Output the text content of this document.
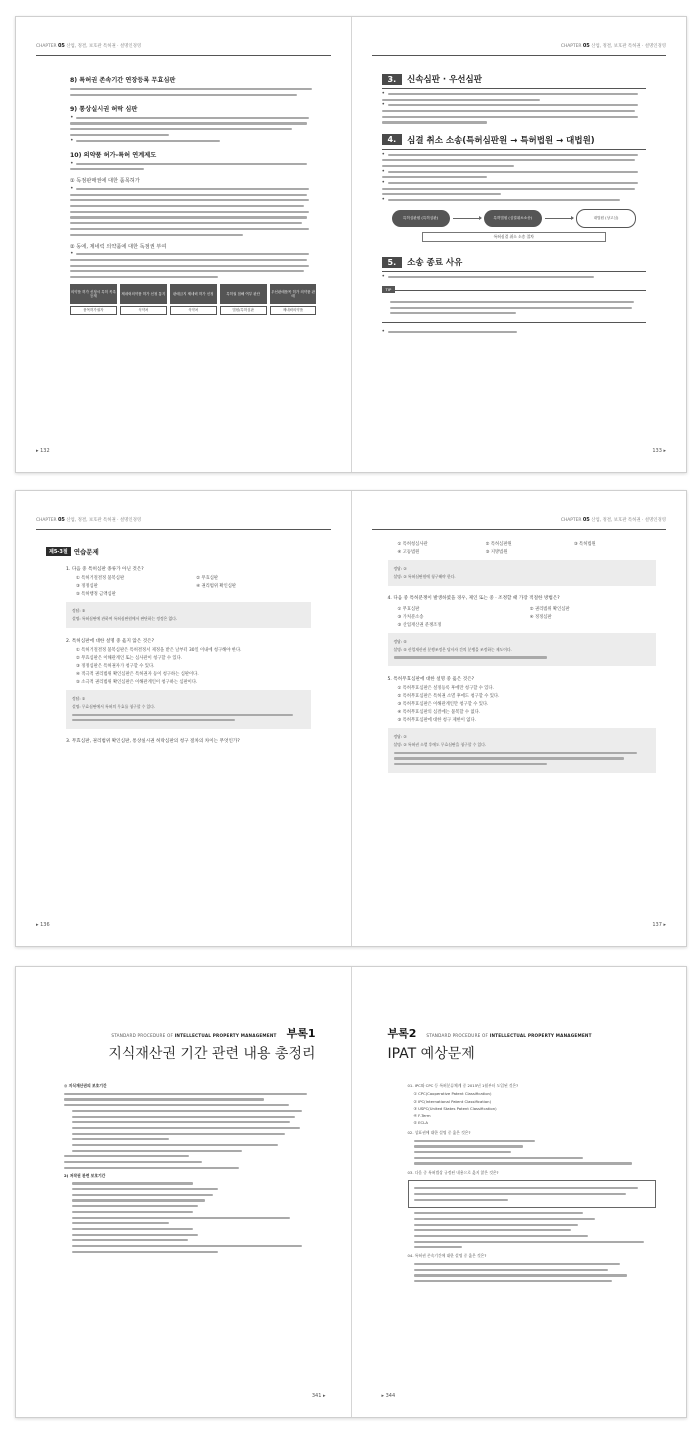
CHAPTER 05 산업, 정결, 보호관 특허권 · 설명인경영
8) 특허권 존속기간 연장등록 무효심판
9) 통상실시권 허락 심판
•
•
10) 의약품 허가-특허 연계제도
•
① 독점판매권에 대한 품목허가
•
② 동에, 제네릭 의약품에 대한 독점권 부여
•
의약품 허가 신청시 특허 목록 등재
품목허가권자
제네릭의약품 허가 신청 통지
식약처
판매금지 제네릭 허가 신청
식약처
특허권 침해 여부 판단
법원/특허심판
우선판매품목 허가 의약품 판매
제네릭의약품
▸ 132
CHAPTER 05 산업, 정결, 보호관 특허권 · 설명인경영
3.	신속심판 · 우선심판
•
•
4.	심결 취소 소송(특허심판원 → 특허법원 → 대법원)
•
•
•
•
특허심판원 (특허심판)	특허법원 (심결취소소송)	대법원 (상고심)
특허심결 취소 소송 절차
5.	소송 종료 사유
•
TIP
•
133 ▸
CHAPTER 05 산업, 정결, 보호관 특허권 · 설명인경영
제5-3절 연습문제
1. 다음 중 특허심판 종류가 아닌 것은?
① 특허거절결정 불복심판	② 무효심판
③ 정정심판	④ 권리범위 확인심판
⑤ 특허행정 금액심판
정답: ⑤
설명: 특허심판에 관하여 특허심판원에서 판단하는 정정은 없다.
2. 특허심판에 대한 설명 중 옳지 않은 것은?
① 특허거절결정 불복심판은 특허결정서 제정을 받은 날부터 30일 이내에 청구해야 한다.
② 무효심판은 이해관계인 또는 심사관이 청구할 수 있다.
③ 정정심판은 특허권자가 청구할 수 있다.
④ 적극적 권리범위 확인심판은 특허권자 등이 청구하는 심판이다.
⑤ 소극적 권리범위 확인심판은 이해관계인이 청구하는 심판이다.
정답: ②
설명: 무효심판에서 특허의 무효를 청구할 수 있다.
3. 무효심판, 권리범위 확인심판, 통상실시권 허락심판의 청구 절차의 차이는 무엇인가?
▸ 136
CHAPTER 05 산업, 정결, 보호관 특허권 · 설명인경영
① 특허청심사관	② 특허심판원	③ 특허법원
④ 고등법원	⑤ 지방법원
정답: ②
설명: ② 특허심판원에 청구해야 한다.
4. 다음 중 특허분쟁이 발생하였을 경우, 제인 또는 중 · 조정할 때 가장 적절한 방법은?
① 무효심판	② 권리범위 확인심판
③ 가처분소송	④ 정정심판
⑤ 산업재산권 분쟁조정
정답: ⑤
설명: ⑤ 산업재산권 분쟁조정은 당사자 간의 분쟁을 조정하는 제도이다.
5. 특허무효심판에 대한 설명 중 옳은 것은?
① 특허무효심판은 설정등록 후에만 청구할 수 있다.
② 특허무효심판은 특허권 소멸 후에도 청구할 수 있다.
③ 특허무효심판은 이해관계인만 청구할 수 있다.
④ 특허무효심판의 심결에는 불복할 수 없다.
⑤ 특허무효심판에 대한 청구 제한이 없다.
정답: ②
설명: ② 특허권 소멸 후에도 무효심판을 청구할 수 있다.
137 ▸
STANDARD PROCEDURE OF INTELLECTUAL PROPERTY MANAGEMENT 부록1
지식재산권 기간 관련 내용 총정리
◎ 지식재산권의 보호기간
2) 저작권 관련 보호기간
341 ▸
부록2 STANDARD PROCEDURE OF INTELLECTUAL PROPERTY MANAGEMENT
IPAT 예상문제
01. IPC와 CPC 등 특허분류체계 중 2015년 1월부터 도입된 것은?
① CPC(Cooperative Patent Classification)
② IPC(International Patent Classification)
③ USPC(United States Patent Classification)
④ F-Term
⑤ ECLA
02. 상표권에 대한 설명 중 옳은 것은?
03. 다음 중 특허법상 규정된 내용으로 옳지 않은 것은?
04. 특허권 존속기간에 대한 설명 중 옳은 것은?
▸ 344
